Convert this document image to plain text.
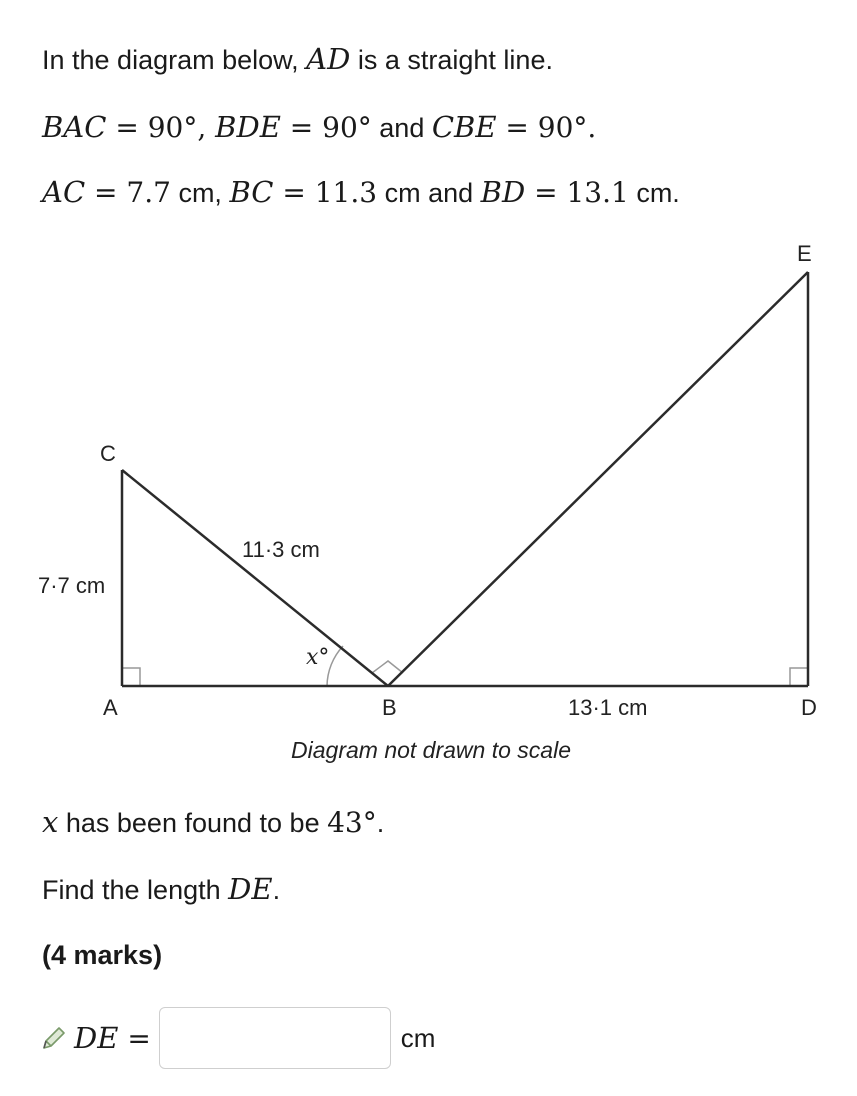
In the diagram below, AD is a straight line.
BAC = 90°, BDE = 90° and CBE = 90°.
AC = 7.7 cm, BC = 11.3 cm and BD = 13.1 cm.
C
E
A	B	D
7·7 cm
11·3 cm
13·1 cm
x°
Diagram not drawn to scale
x has been found to be 43°.
Find the length DE.
(4 marks)
DE =	cm
